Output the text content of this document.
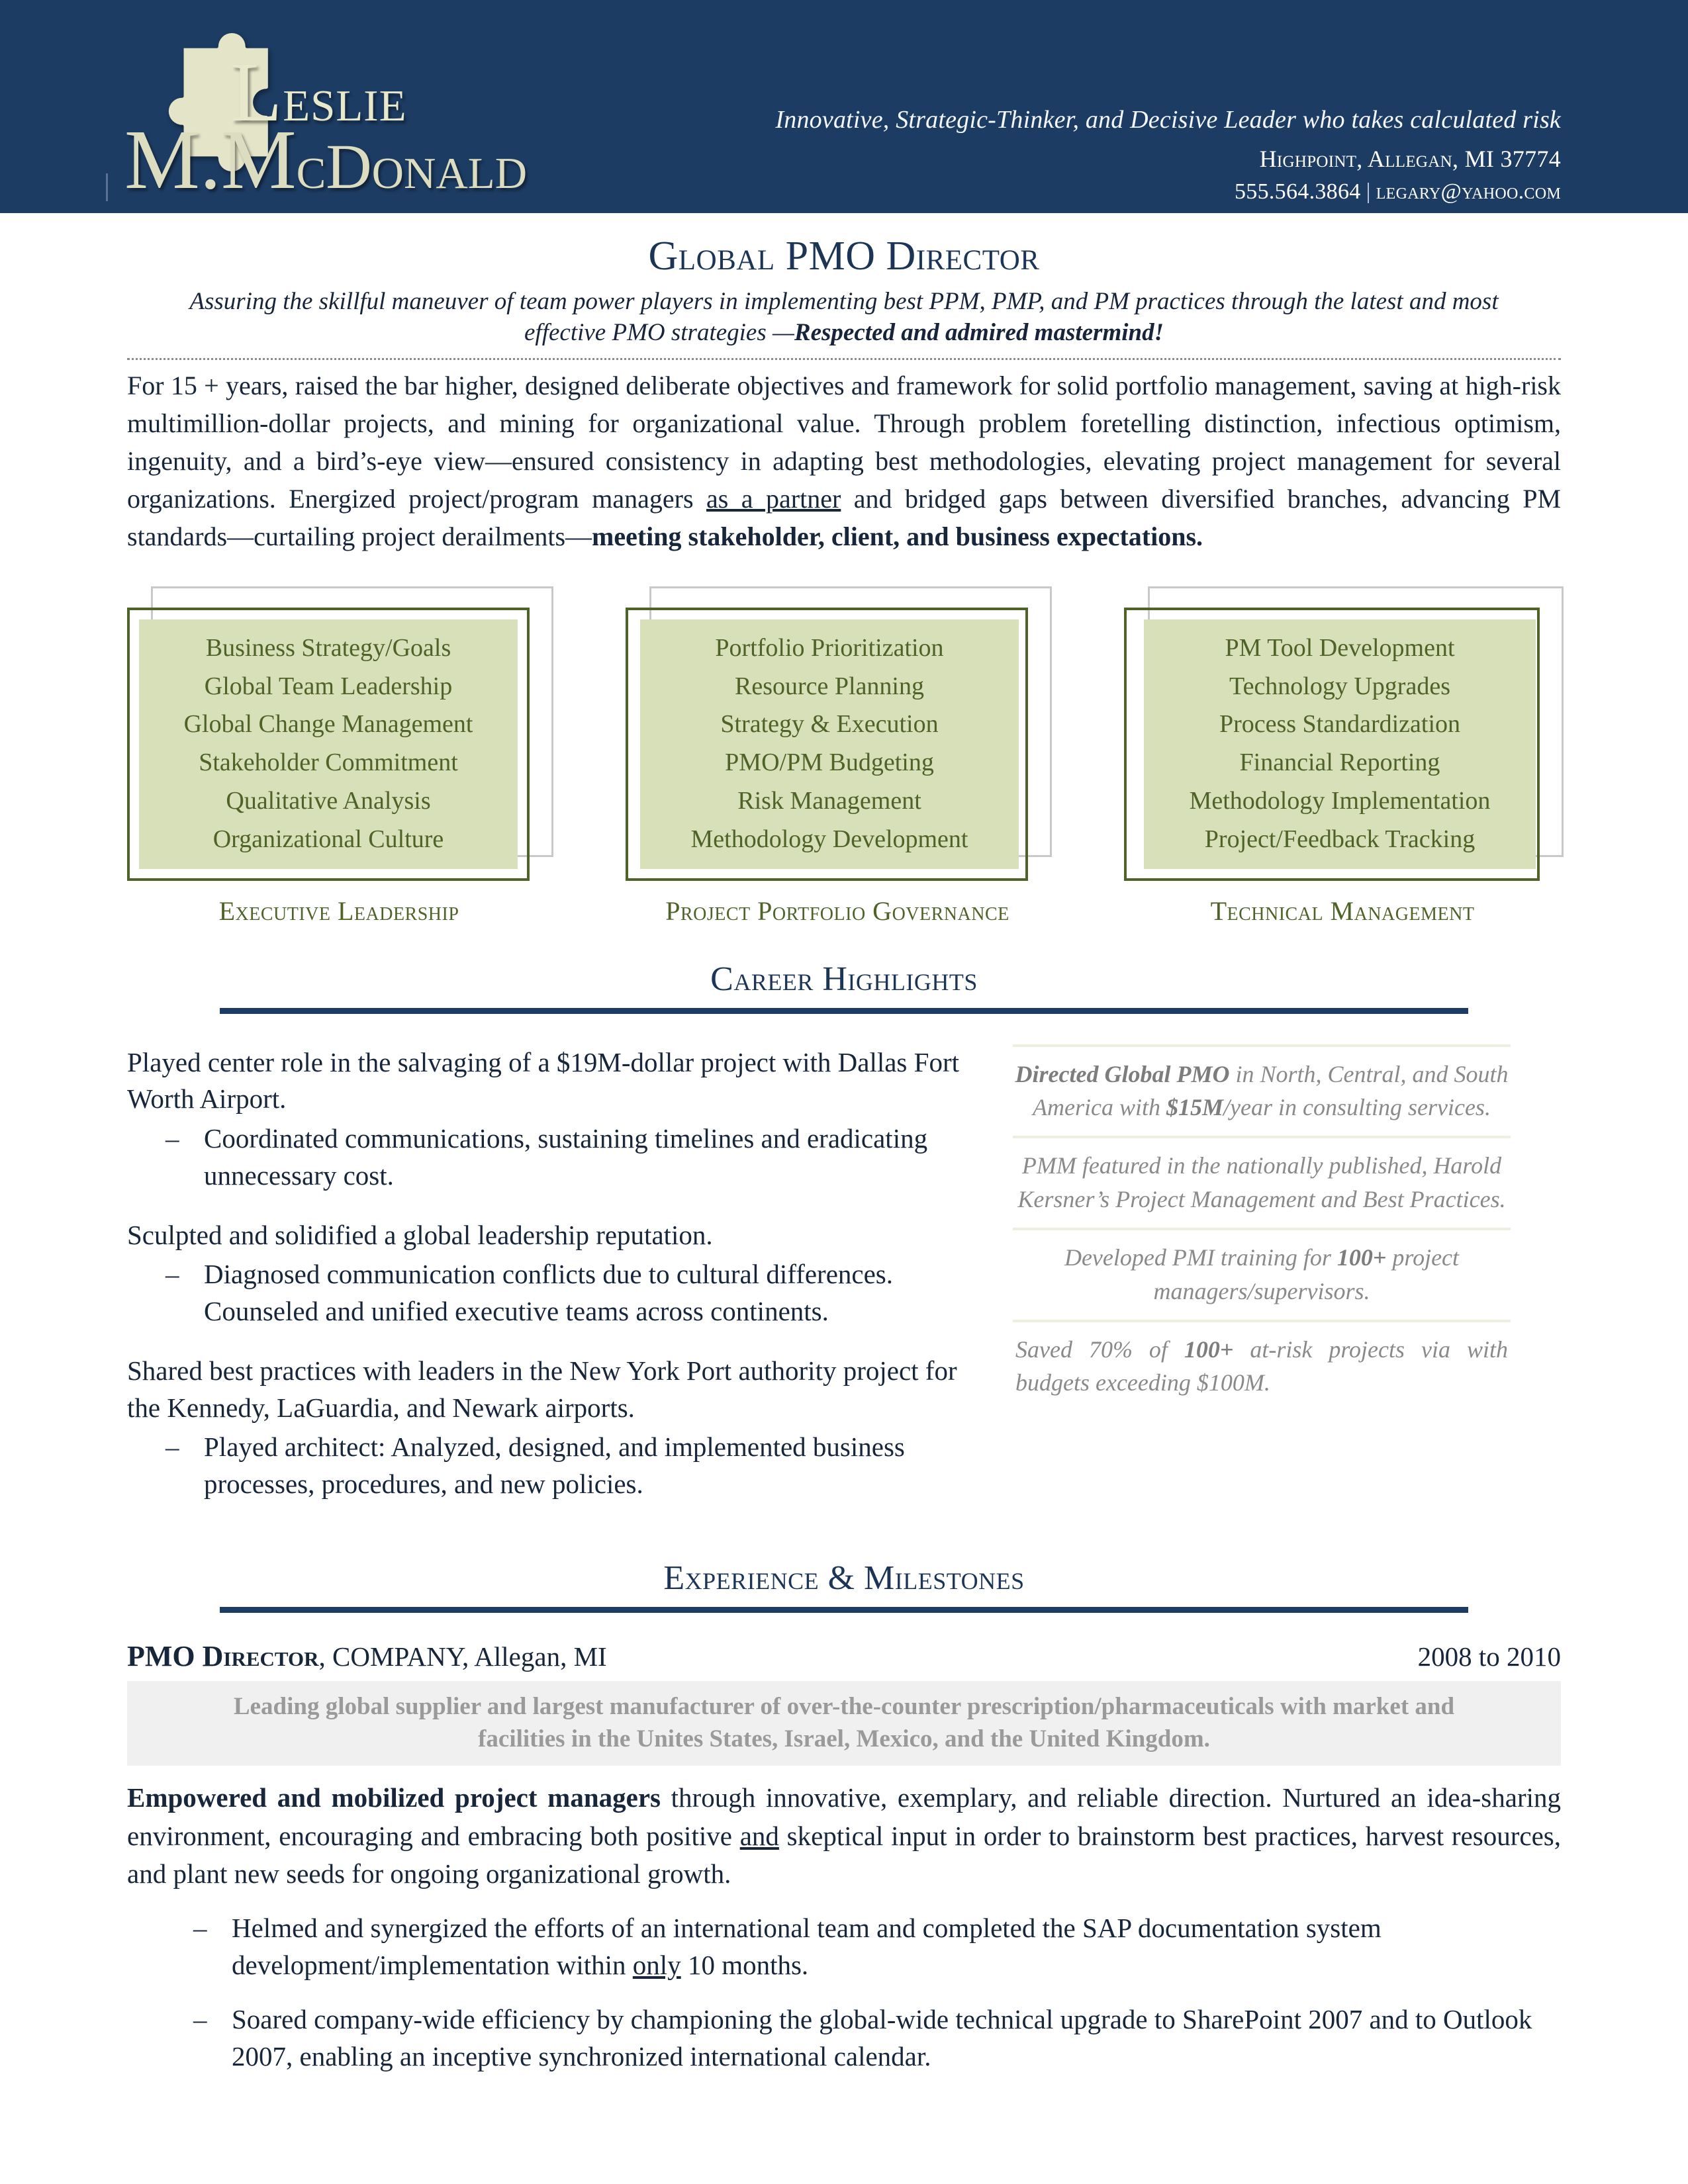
Leslie
M.McDonald
Innovative, Strategic-Thinker, and Decisive Leader who takes calculated risk
Highpoint, Allegan, MI 37774
555.564.3864 | legary@yahoo.com
Global PMO Director
Assuring the skillful maneuver of team power players in implementing best PPM, PMP, and PM practices through the latest and most effective PMO strategies —Respected and admired mastermind!
For 15 + years, raised the bar higher, designed deliberate objectives and framework for solid portfolio management, saving at high-risk multimillion-dollar projects, and mining for organizational value. Through problem foretelling distinction, infectious optimism, ingenuity, and a bird’s-eye view—ensured consistency in adapting best methodologies, elevating project management for several organizations. Energized project/program managers as a partner and bridged gaps between diversified branches, advancing PM standards—curtailing project derailments—meeting stakeholder, client, and business expectations.
Business Strategy/Goals
Global Team Leadership
Global Change Management
Stakeholder Commitment
Qualitative Analysis
Organizational Culture
Executive Leadership
Portfolio Prioritization
Resource Planning
Strategy & Execution
PMO/PM Budgeting
Risk Management
Methodology Development
Project Portfolio Governance
PM Tool Development
Technology Upgrades
Process Standardization
Financial Reporting
Methodology Implementation
Project/Feedback Tracking
Technical Management
Career Highlights
Played center role in the salvaging of a $19M-dollar project with Dallas Fort Worth Airport.
– Coordinated communications, sustaining timelines and eradicating unnecessary cost.
Sculpted and solidified a global leadership reputation.
– Diagnosed communication conflicts due to cultural differences. Counseled and unified executive teams across continents.
Shared best practices with leaders in the New York Port authority project for the Kennedy, LaGuardia, and Newark airports.
– Played architect: Analyzed, designed, and implemented business processes, procedures, and new policies.
Directed Global PMO in North, Central, and South America with $15M/year in consulting services.
PMM featured in the nationally published, Harold Kersner’s Project Management and Best Practices.
Developed PMI training for 100+ project managers/supervisors.
Saved 70% of 100+ at-risk projects via with budgets exceeding $100M.
Experience & Milestones
PMO Director, COMPANY, Allegan, MI	2008 to 2010
Leading global supplier and largest manufacturer of over-the-counter prescription/pharmaceuticals with market and facilities in the Unites States, Israel, Mexico, and the United Kingdom.
Empowered and mobilized project managers through innovative, exemplary, and reliable direction. Nurtured an idea-sharing environment, encouraging and embracing both positive and skeptical input in order to brainstorm best practices, harvest resources, and plant new seeds for ongoing organizational growth.
– Helmed and synergized the efforts of an international team and completed the SAP documentation system development/implementation within only 10 months.
– Soared company-wide efficiency by championing the global-wide technical upgrade to SharePoint 2007 and to Outlook 2007, enabling an inceptive synchronized international calendar.
